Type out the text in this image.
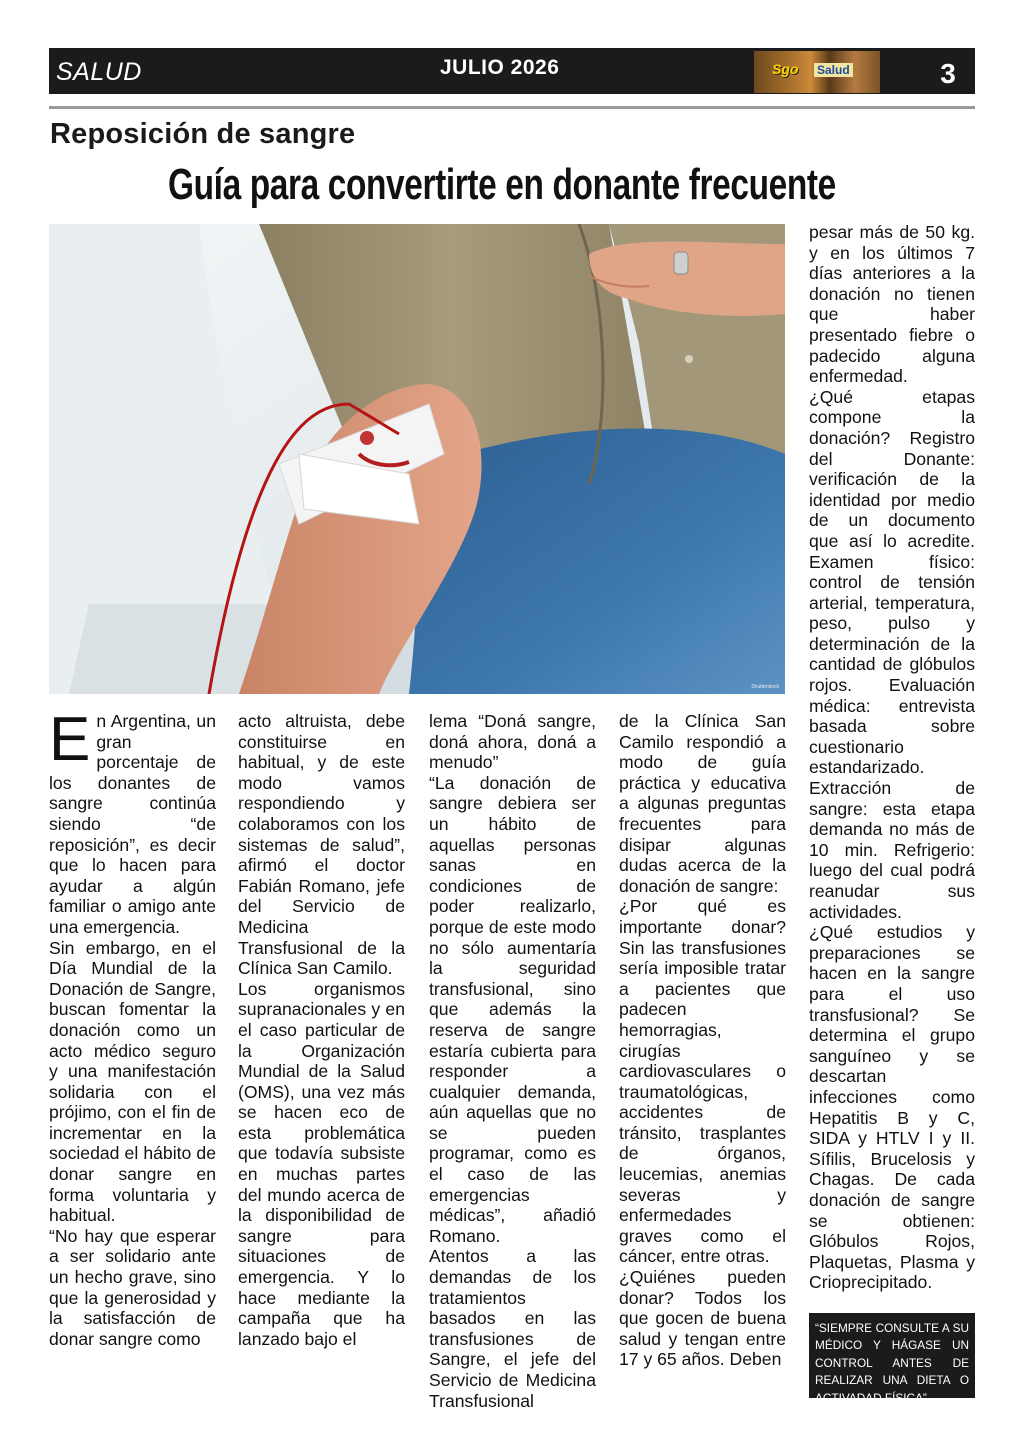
SALUD	JULIO 2026	Sgo Salud	3
Reposición de sangre
Guía para convertirte en donante frecuente
Shutterstock
E n Argentina, un gran porcentaje de los donantes de sangre continúa siendo “de reposición”, es decir que lo hacen para ayudar a algún familiar o amigo ante una emergencia.

Sin embargo, en el Día Mundial de la Donación de Sangre, buscan fomentar la donación como un acto médico seguro y una manifestación solidaria con el prójimo, con el fin de incrementar en la sociedad el hábito de donar sangre en forma voluntaria y habitual.

“No hay que esperar a ser solidario ante un hecho grave, sino que la generosidad y la satisfacción de donar sangre como

acto altruista, debe constituirse en habitual, y de este modo vamos respondiendo y colaboramos con los sistemas de salud”, afirmó el doctor Fabián Romano, jefe del Servicio de Medicina Transfusional de la Clínica San Camilo.

Los organismos supranacionales y en el caso particular de la Organización Mundial de la Salud (OMS), una vez más se hacen eco de esta problemática que todavía subsiste en muchas partes del mundo acerca de la disponibilidad de sangre para situaciones de emergencia. Y lo hace mediante la campaña que ha lanzado bajo el

lema “Doná sangre, doná ahora, doná a menudo”

“La donación de sangre debiera ser un hábito de aquellas personas sanas en condiciones de poder realizarlo, porque de este modo no sólo aumentaría la seguridad transfusional, sino que además la reserva de sangre estaría cubierta para responder a cualquier demanda, aún aquellas que no se pueden programar, como es el caso de las emergencias médicas”, añadió Romano.

Atentos a las demandas de los tratamientos basados en las transfusiones de Sangre, el jefe del Servicio de Medicina Transfusional

de la Clínica San Camilo respondió a modo de guía práctica y educativa a algunas preguntas frecuentes para disipar algunas dudas acerca de la donación de sangre:

¿Por qué es importante donar? Sin las transfusiones sería imposible tratar a pacientes que padecen hemorragias, cirugías cardiovasculares o traumatológicas, accidentes de tránsito, trasplantes de órganos, leucemias, anemias severas y enfermedades graves como el cáncer, entre otras.

¿Quiénes pueden donar? Todos los que gocen de buena salud y tengan entre 17 y 65 años. Deben

pesar más de 50 kg. y en los últimos 7 días anteriores a la donación no tienen que haber presentado fiebre o padecido alguna enfermedad.

¿Qué etapas compone la donación? Registro del Donante: verificación de la identidad por medio de un documento que así lo acredite. Examen físico: control de tensión arterial, temperatura, peso, pulso y determinación de la cantidad de glóbulos rojos. Evaluación médica: entrevista basada sobre cuestionario estandarizado. Extracción de sangre: esta etapa demanda no más de 10 min. Refrigerio: luego del cual podrá reanudar sus actividades.

¿Qué estudios y preparaciones se hacen en la sangre para el uso transfusional? Se determina el grupo sanguíneo y se descartan infecciones como Hepatitis B y C, SIDA y HTLV I y II. Sífilis, Brucelosis y Chagas. De cada donación de sangre se obtienen: Glóbulos Rojos, Plaquetas, Plasma y Crioprecipitado.

“SIEMPRE CONSULTE A SU MÉDICO Y HÁGASE UN CONTROL ANTES DE REALIZAR UNA DIETA O ACTIVADAD FÍSICA”
